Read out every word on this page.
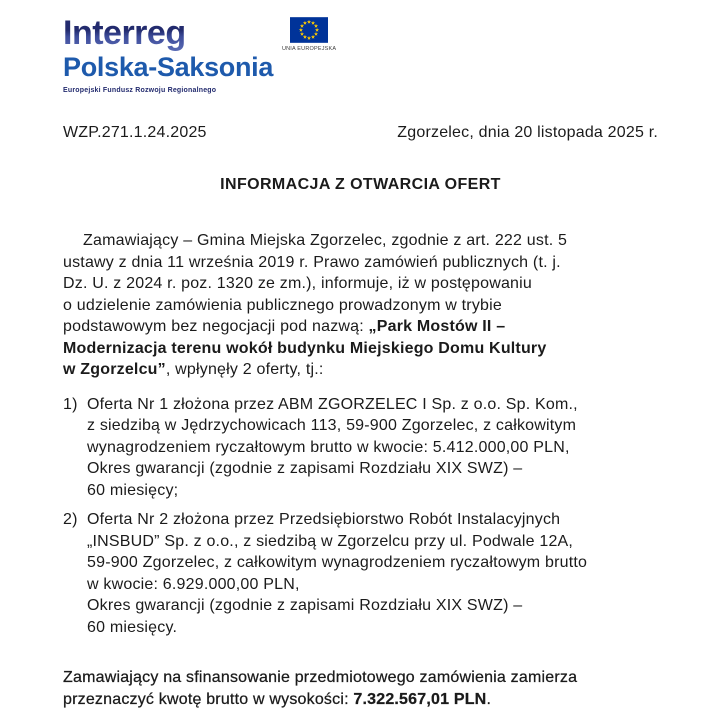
Interreg
Polska-Saksonia
Europejski Fundusz Rozwoju Regionalnego
UNIA EUROPEJSKA
WZP.271.1.24.2025	Zgorzelec, dnia 20 listopada 2025 r.
INFORMACJA Z OTWARCIA OFERT
Zamawiający – Gmina Miejska Zgorzelec, zgodnie z art. 222 ust. 5
ustawy z dnia 11 września 2019 r. Prawo zamówień publicznych (t. j.
Dz. U. z 2024 r. poz. 1320 ze zm.), informuje, iż w postępowaniu
o udzielenie zamówienia publicznego prowadzonym w trybie
podstawowym bez negocjacji pod nazwą: „Park Mostów II –
Modernizacja terenu wokół budynku Miejskiego Domu Kultury
w Zgorzelcu”, wpłynęły 2 oferty, tj.:
1) Oferta Nr 1 złożona przez ABM ZGORZELEC I Sp. z o.o. Sp. Kom.,
z siedzibą w Jędrzychowicach 113, 59-900 Zgorzelec, z całkowitym
wynagrodzeniem ryczałtowym brutto w kwocie: 5.412.000,00 PLN,
Okres gwarancji (zgodnie z zapisami Rozdziału XIX SWZ) –
60 miesięcy;
2) Oferta Nr 2 złożona przez Przedsiębiorstwo Robót Instalacyjnych
„INSBUD” Sp. z o.o., z siedzibą w Zgorzelcu przy ul. Podwale 12A,
59-900 Zgorzelec, z całkowitym wynagrodzeniem ryczałtowym brutto
w kwocie: 6.929.000,00 PLN,
Okres gwarancji (zgodnie z zapisami Rozdziału XIX SWZ) –
60 miesięcy.
Zamawiający na sfinansowanie przedmiotowego zamówienia zamierza
przeznaczyć kwotę brutto w wysokości: 7.322.567,01 PLN.
